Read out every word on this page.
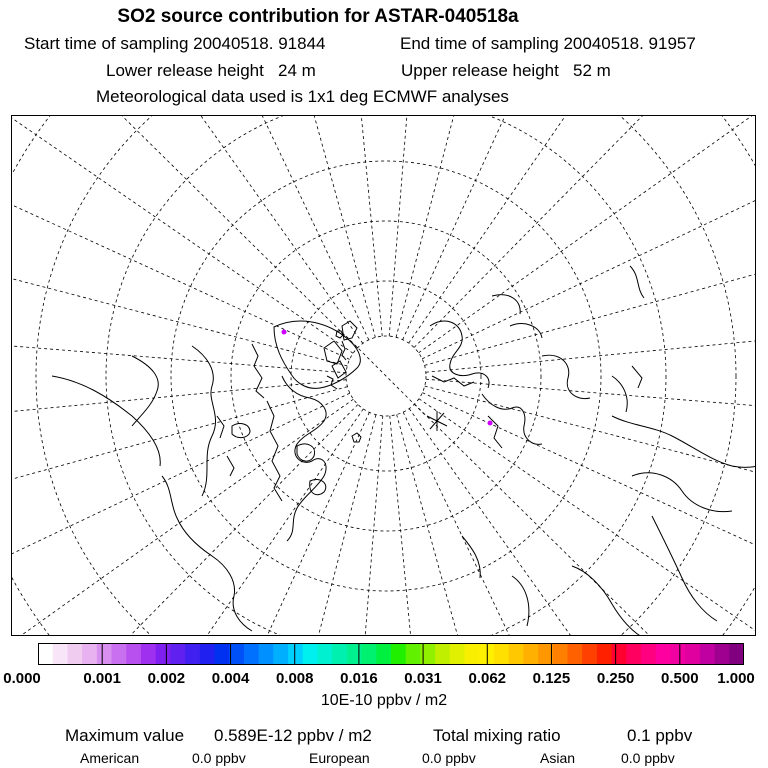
SO2 source contribution for ASTAR-040518a
Start time of sampling 20040518. 91844	End time of sampling 20040518. 91957
Lower release height   24 m	Upper release height   52 m
Meteorological data used is 1x1 deg ECMWF analyses
0.000	0.001 0.002 0.004 0.008 0.016 0.031 0.062 0.125 0.250 0.500 1.000
10E-10 ppbv / m2
Maximum value 0.589E-12 ppbv / m2	Total mixing ratio	0.1 ppbv
American	0.0 ppbv	European	0.0 ppbv	Asian	0.0 ppbv
